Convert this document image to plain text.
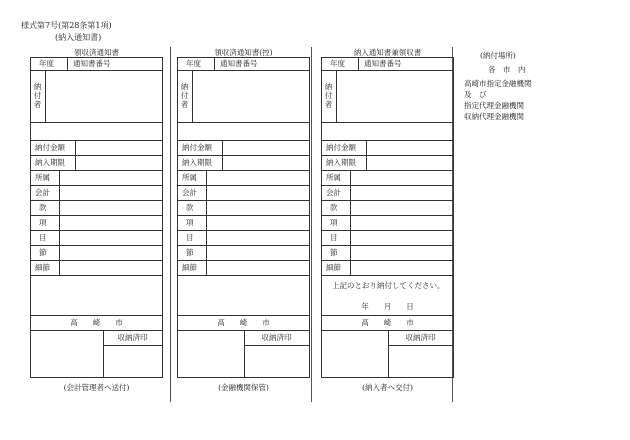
様式第7号(第28条第1項)
(納入通知書)
領収済通知書
年度	通知書番号
納付者
納付金額
納入期限
所属
会計
款
項
目
節
細節
高　　崎　　市
収納済印
(会計管理者へ送付)
領収済通知書(控)
年度	通知書番号
納付者
納付金額
納入期限
所属
会計
款
項
目
節
細節
高　　崎　　市
収納済印
(金融機関保管)
納入通知書兼領収書
年度	通知書番号
納付者
納付金額
納入期限
所属
会計
款
項
目
節
細節
上記のとおり納付してください。
年　　月　　日
高　　崎　　市
収納済印
(納入者へ交付)
(納付場所)
各　市　内
高崎市指定金融機関
及　び
指定代理金融機関
収納代理金融機関
